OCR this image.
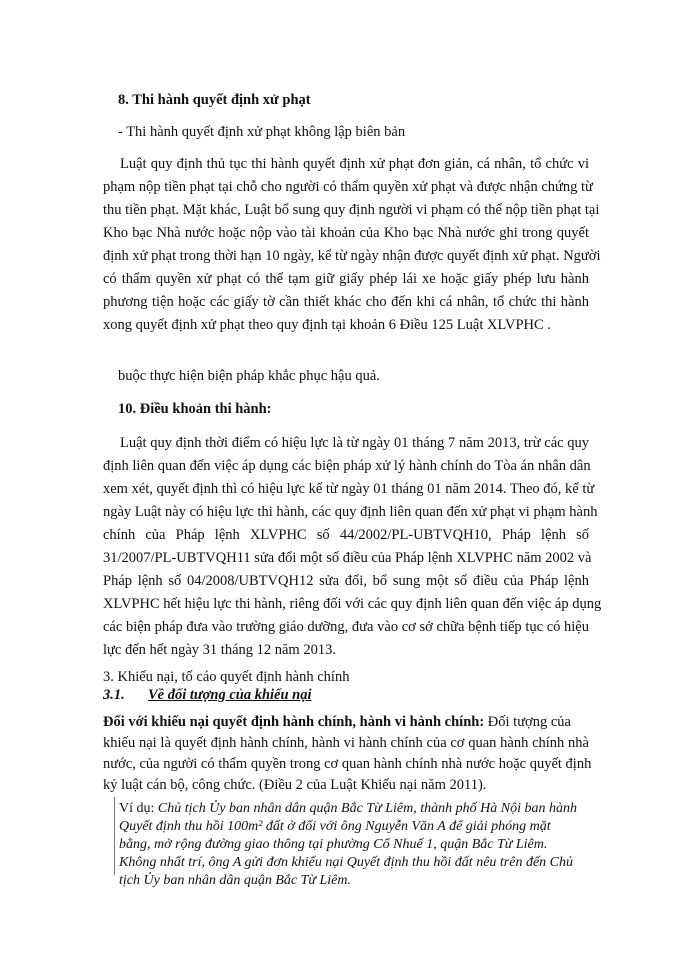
8. Thi hành quyết định xử phạt
- Thi hành quyết định xử phạt không lập biên bản
Luật quy định thủ tục thi hành quyết định xử phạt đơn giản, cá nhân, tổ chức vi
phạm nộp tiền phạt tại chỗ cho người có thẩm quyền xử phạt và được nhận chứng từ
thu tiền phạt. Mặt khác, Luật bổ sung quy định người vi phạm có thể nộp tiền phạt tại
Kho bạc Nhà nước hoặc nộp vào tài khoản của Kho bạc Nhà nước ghi trong quyết
định xử phạt trong thời hạn 10 ngày, kể từ ngày nhận được quyết định xử phạt. Người
có thẩm quyền xử phạt có thể tạm giữ giấy phép lái xe hoặc giấy phép lưu hành
phương tiện hoặc các giấy tờ cần thiết khác cho đến khi cá nhân, tổ chức thi hành
xong quyết định xử phạt theo quy định tại khoản 6 Điều 125 Luật XLVPHC .
buộc thực hiện biện pháp khắc phục hậu quả.
10. Điều khoản thi hành:
Luật quy định thời điểm có hiệu lực là từ ngày 01 tháng 7 năm 2013, trừ các quy
định liên quan đến việc áp dụng các biện pháp xử lý hành chính do Tòa án nhân dân
xem xét, quyết định thì có hiệu lực kể từ ngày 01 tháng 01 năm 2014. Theo đó, kể từ
ngày Luật này có hiệu lực thi hành, các quy định liên quan đến xử phạt vi phạm hành
chính của Pháp lệnh XLVPHC số 44/2002/PL-UBTVQH10, Pháp lệnh số
31/2007/PL-UBTVQH11 sửa đổi một số điều của Pháp lệnh XLVPHC năm 2002 và
Pháp lệnh số 04/2008/UBTVQH12 sửa đổi, bổ sung một số điều của Pháp lệnh
XLVPHC hết hiệu lực thi hành, riêng đối với các quy định liên quan đến việc áp dụng
các biện pháp đưa vào trường giáo dưỡng, đưa vào cơ sở chữa bệnh tiếp tục có hiệu
lực đến hết ngày 31 tháng 12 năm 2013.
3. Khiếu nại, tố cáo quyết định hành chính
3.1. Về đối tượng của khiếu nại
Đối với khiếu nại quyết định hành chính, hành vi hành chính: Đối tượng của
khiếu nại là quyết định hành chính, hành vi hành chính của cơ quan hành chính nhà
nước, của người có thẩm quyền trong cơ quan hành chính nhà nước hoặc quyết định
kỷ luật cán bộ, công chức. (Điều 2 của Luật Khiếu nại năm 2011).
Ví dụ: Chủ tịch Ủy ban nhân dân quận Bắc Từ Liêm, thành phố Hà Nội ban hành
Quyết định thu hồi 100m² đất ở đối với ông Nguyễn Văn A để giải phóng mặt
bằng, mở rộng đường giao thông tại phường Cổ Nhuế 1, quận Bắc Từ Liêm.
Không nhất trí, ông A gửi đơn khiếu nại Quyết định thu hồi đất nêu trên đến Chủ
tịch Ủy ban nhân dân quận Bắc Từ Liêm.
